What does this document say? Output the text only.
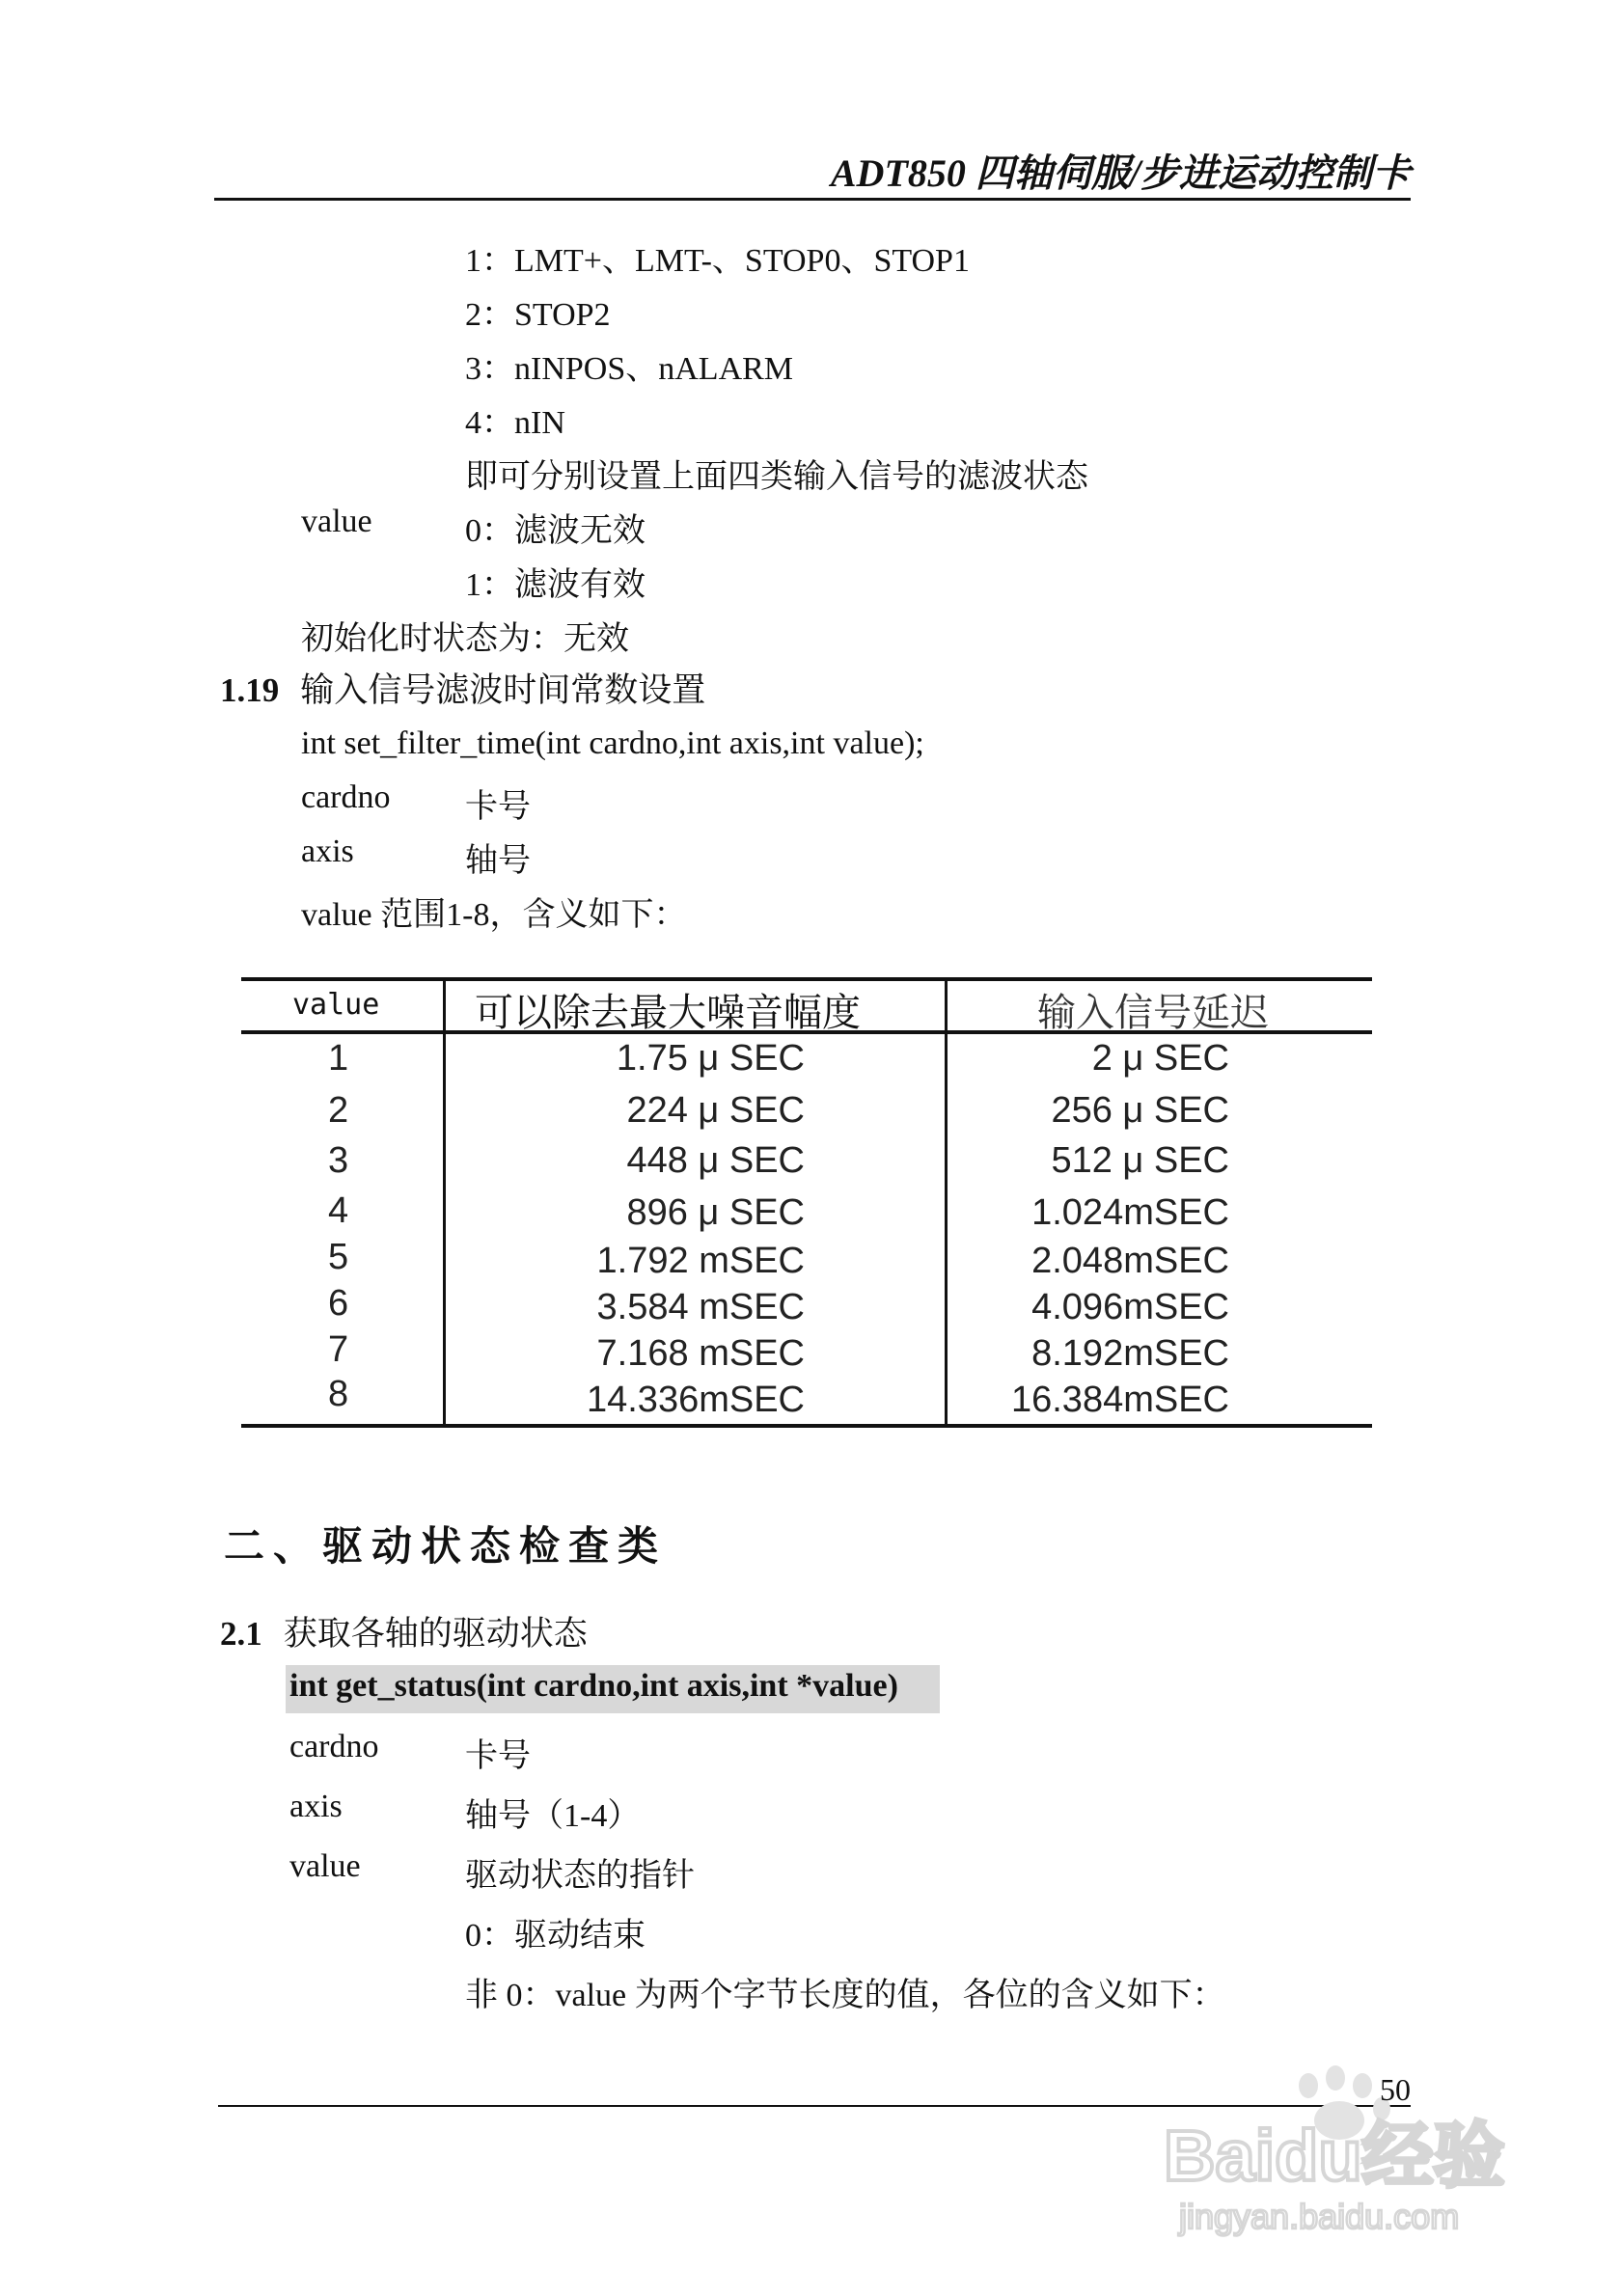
ADT850 四轴伺服/步进运动控制卡
1：LMT+、LMT-、STOP0、STOP1
2：STOP2
3：nINPOS、nALARM
4：nIN
即可分别设置上面四类输入信号的滤波状态
value	0：滤波无效
1：滤波有效
初始化时状态为：无效
1.19 输入信号滤波时间常数设置
int set_filter_time(int cardno,int axis,int value);
cardno 卡号
axis	轴号
value 范围1-8，含义如下：
value 可以除去最大噪音幅度	输入信号延迟
1	1.75 μ SEC	2 μ SEC
2	224 μ SEC	256 μ SEC
3	448 μ SEC	512 μ SEC
4	896 μ SEC	1.024mSEC
5	1.792 mSEC	2.048mSEC
6	3.584 mSEC	4.096mSEC
7	7.168 mSEC	8.192mSEC
8	14.336mSEC	16.384mSEC
二、驱动状态检查类
2.1 获取各轴的驱动状态
int get_status(int cardno,int axis,int *value)
cardno	卡号
axis	轴号（1-4）
value	驱动状态的指针
0：驱动结束
非 0：value 为两个字节长度的值，各位的含义如下：
Baidu经验
jingyan.baidu.com
50
